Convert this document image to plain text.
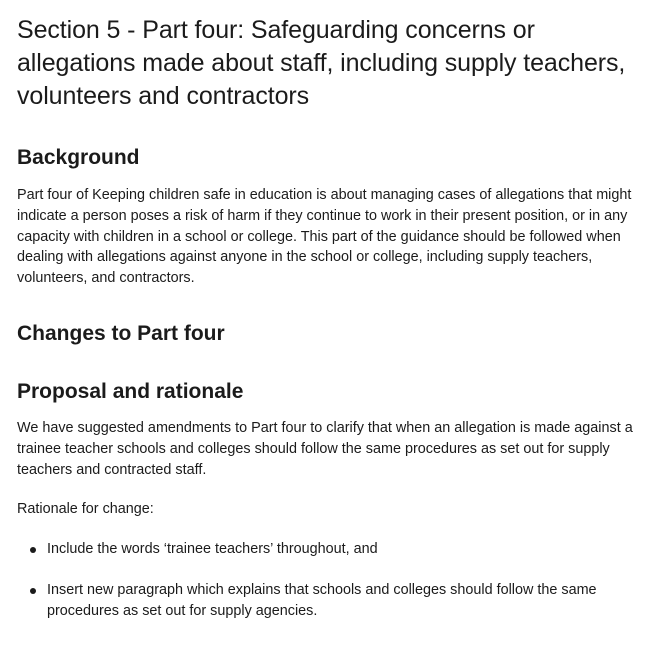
Section 5 - Part four: Safeguarding concerns or allegations made about staff, including supply teachers, volunteers and contractors
Background

Part four of Keeping children safe in education is about managing cases of allegations that might indicate a person poses a risk of harm if they continue to work in their present position, or in any capacity with children in a school or college. This part of the guidance should be followed when dealing with allegations against anyone in the school or college, including supply teachers, volunteers, and contractors.

Changes to Part four
Proposal and rationale

We have suggested amendments to Part four to clarify that when an allegation is made against a trainee teacher schools and colleges should follow the same procedures as set out for supply teachers and contracted staff.

Rationale for change:

Include the words ‘trainee teachers’ throughout, and
Insert new paragraph which explains that schools and colleges should follow the same procedures as set out for supply agencies.
